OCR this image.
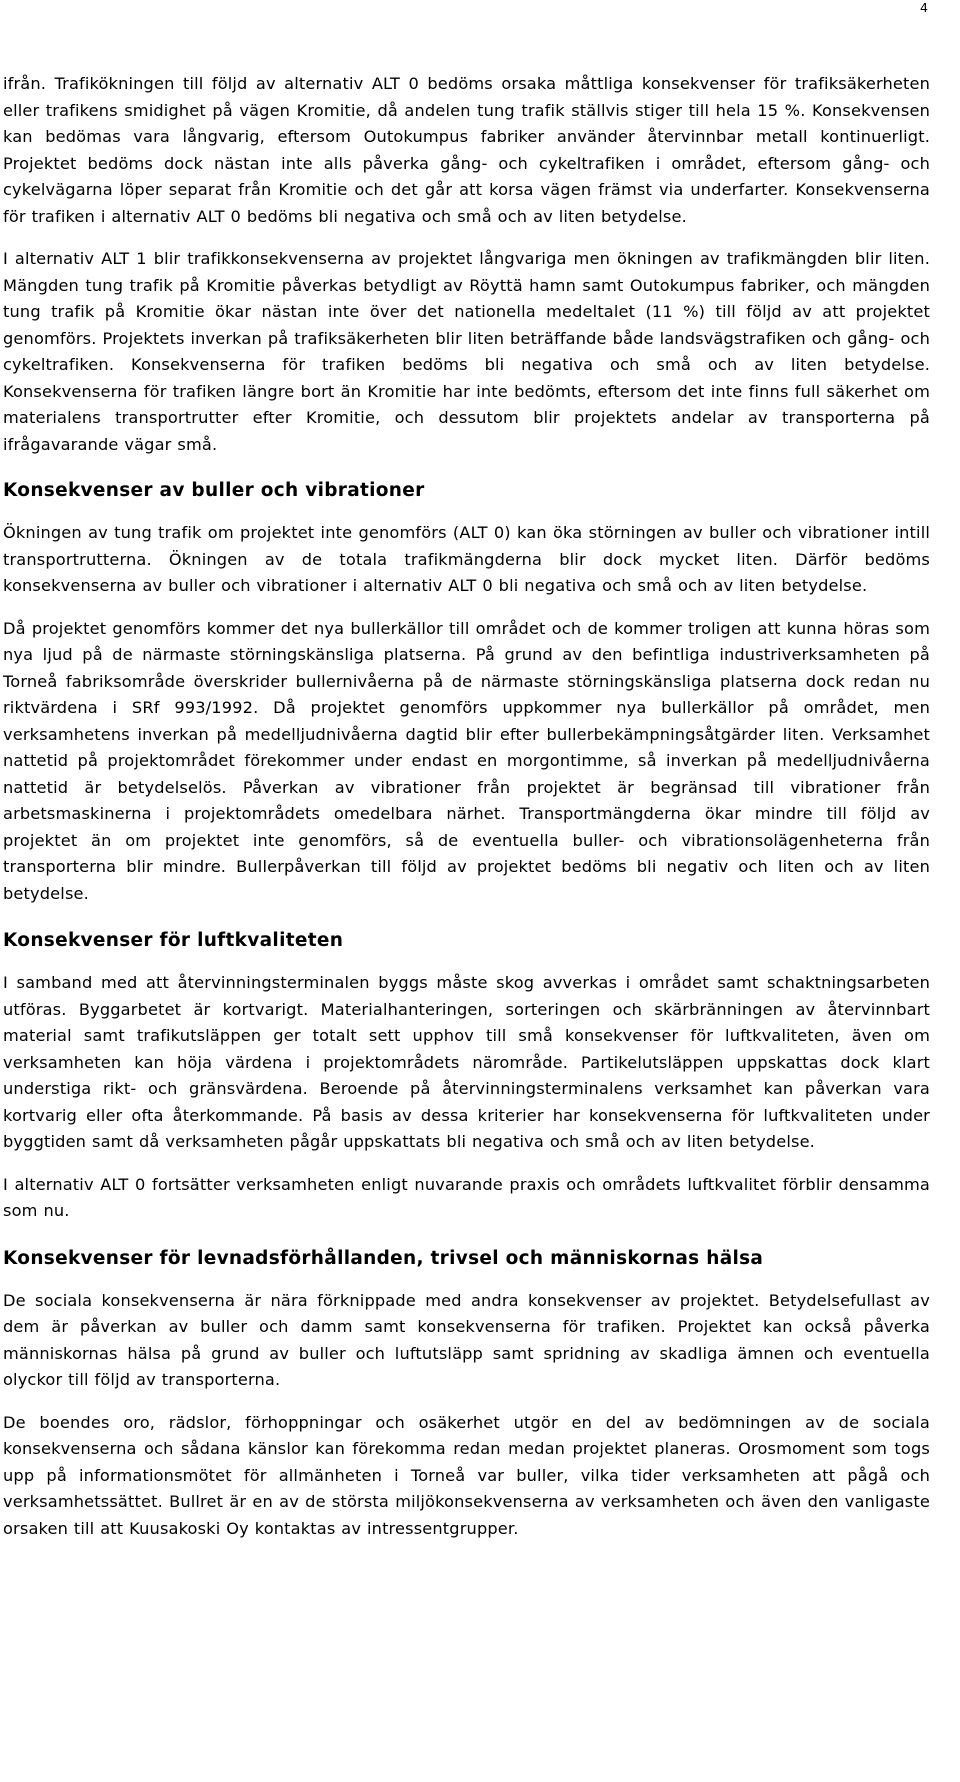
4

ifrån. Trafikökningen till följd av alternativ ALT 0 bedöms orsaka måttliga konsekvenser för trafiksäkerheten eller trafikens smidighet på vägen Kromitie, då andelen tung trafik ställvis stiger till hela 15 %. Konsekvensen kan bedömas vara långvarig, eftersom Outokumpus fabriker använder återvinnbar metall kontinuerligt. Projektet bedöms dock nästan inte alls påverka gång- och cykeltrafiken i området, eftersom gång- och cykelvägarna löper separat från Kromitie och det går att korsa vägen främst via underfarter. Konsekvenserna för trafiken i alternativ ALT 0 bedöms bli negativa och små och av liten betydelse.

I alternativ ALT 1 blir trafikkonsekvenserna av projektet långvariga men ökningen av trafikmängden blir liten. Mängden tung trafik på Kromitie påverkas betydligt av Röyttä hamn samt Outokumpus fabriker, och mängden tung trafik på Kromitie ökar nästan inte över det nationella medeltalet (11 %) till följd av att projektet genomförs. Projektets inverkan på trafiksäkerheten blir liten beträffande både landsvägstrafiken och gång- och cykeltrafiken. Konsekvenserna för trafiken bedöms bli negativa och små och av liten betydelse. Konsekvenserna för trafiken längre bort än Kromitie har inte bedömts, eftersom det inte finns full säkerhet om materialens transportrutter efter Kromitie, och dessutom blir projektets andelar av transporterna på ifrågavarande vägar små.

Konsekvenser av buller och vibrationer

Ökningen av tung trafik om projektet inte genomförs (ALT 0) kan öka störningen av buller och vibrationer intill transportrutterna. Ökningen av de totala trafikmängderna blir dock mycket liten. Därför bedöms konsekvenserna av buller och vibrationer i alternativ ALT 0 bli negativa och små och av liten betydelse.

Då projektet genomförs kommer det nya bullerkällor till området och de kommer troligen att kunna höras som nya ljud på de närmaste störningskänsliga platserna. På grund av den befintliga industriverksamheten på Torneå fabriksområde överskrider bullernivåerna på de närmaste störningskänsliga platserna dock redan nu riktvärdena i SRf 993/1992. Då projektet genomförs uppkommer nya bullerkällor på området, men verksamhetens inverkan på medelljudnivåerna dagtid blir efter bullerbekämpningsåtgärder liten. Verksamhet nattetid på projektområdet förekommer under endast en morgontimme, så inverkan på medelljudnivåerna nattetid är betydelselös. Påverkan av vibrationer från projektet är begränsad till vibrationer från arbetsmaskinerna i projektområdets omedelbara närhet. Transportmängderna ökar mindre till följd av projektet än om projektet inte genomförs, så de eventuella buller- och vibrationsolägenheterna från transporterna blir mindre. Bullerpåverkan till följd av projektet bedöms bli negativ och liten och av liten betydelse.

Konsekvenser för luftkvaliteten

I samband med att återvinningsterminalen byggs måste skog avverkas i området samt schaktningsarbeten utföras. Byggarbetet är kortvarigt. Materialhanteringen, sorteringen och skärbränningen av återvinnbart material samt trafikutsläppen ger totalt sett upphov till små konsekvenser för luftkvaliteten, även om verksamheten kan höja värdena i projektområdets närområde. Partikelutsläppen uppskattas dock klart understiga rikt- och gränsvärdena. Beroende på återvinningsterminalens verksamhet kan påverkan vara kortvarig eller ofta återkommande. På basis av dessa kriterier har konsekvenserna för luftkvaliteten under byggtiden samt då verksamheten pågår uppskattats bli negativa och små och av liten betydelse.

I alternativ ALT 0 fortsätter verksamheten enligt nuvarande praxis och områdets luftkvalitet förblir densamma som nu.

Konsekvenser för levnadsförhållanden, trivsel och människornas hälsa

De sociala konsekvenserna är nära förknippade med andra konsekvenser av projektet. Betydelsefullast av dem är påverkan av buller och damm samt konsekvenserna för trafiken. Projektet kan också påverka människornas hälsa på grund av buller och luftutsläpp samt spridning av skadliga ämnen och eventuella olyckor till följd av transporterna.

De boendes oro, rädslor, förhoppningar och osäkerhet utgör en del av bedömningen av de sociala konsekvenserna och sådana känslor kan förekomma redan medan projektet planeras. Orosmoment som togs upp på informationsmötet för allmänheten i Torneå var buller, vilka tider verksamheten att pågå och verksamhetssättet. Bullret är en av de största miljökonsekvenserna av verksamheten och även den vanligaste orsaken till att Kuusakoski Oy kontaktas av intressentgrupper.
